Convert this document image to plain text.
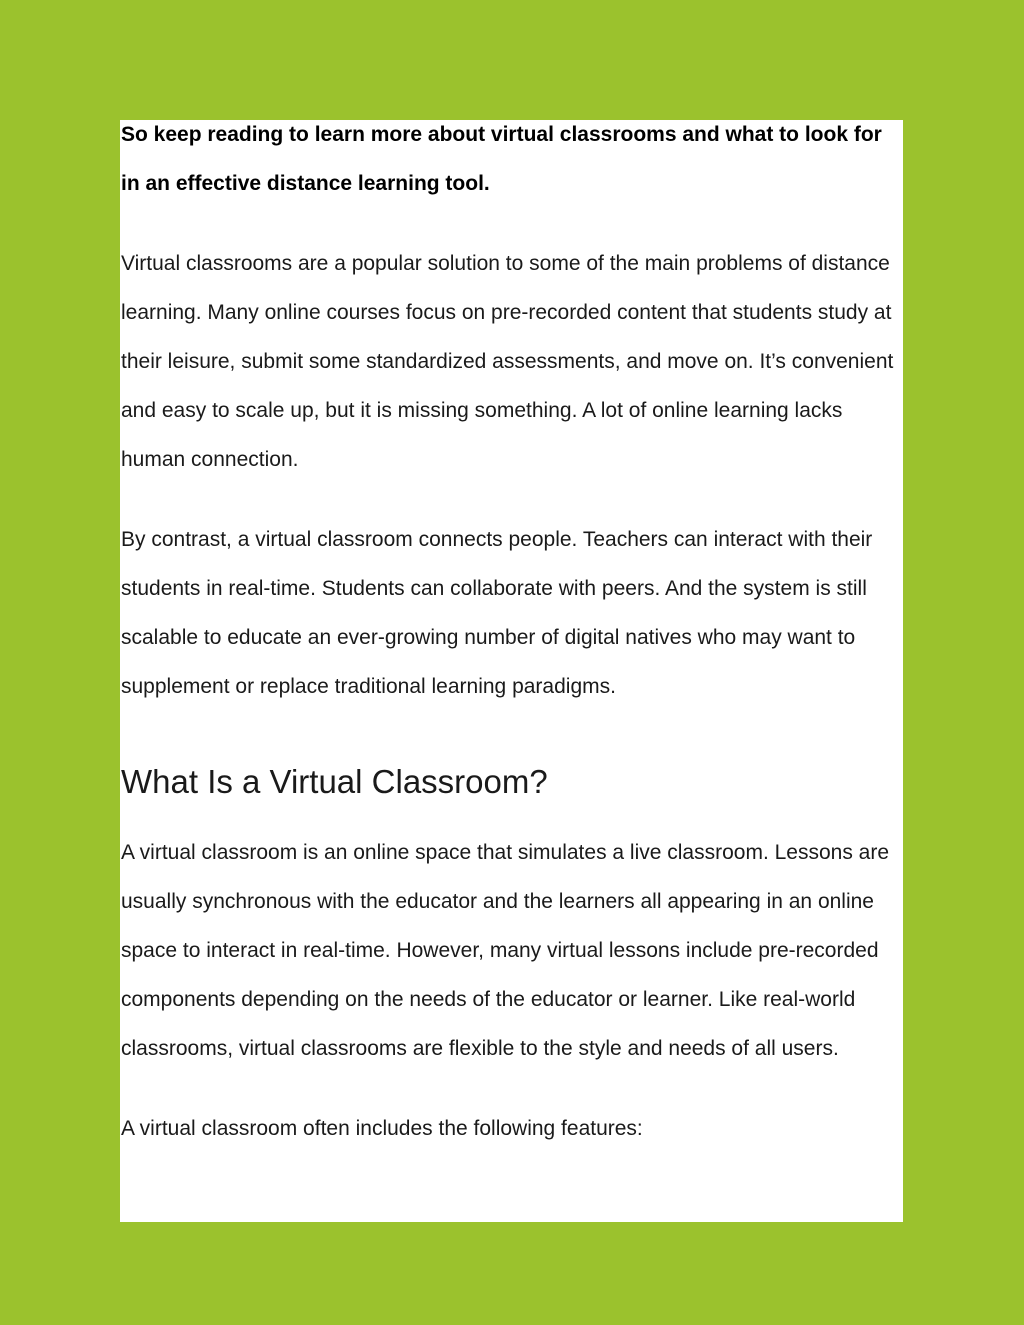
So keep reading to learn more about virtual classrooms and what to look for in an effective distance learning tool.

Virtual classrooms are a popular solution to some of the main problems of distance learning. Many online courses focus on pre-recorded content that students study at their leisure, submit some standardized assessments, and move on. It’s convenient and easy to scale up, but it is missing something. A lot of online learning lacks human connection.

By contrast, a virtual classroom connects people. Teachers can interact with their students in real-time. Students can collaborate with peers. And the system is still scalable to educate an ever-growing number of digital natives who may want to supplement or replace traditional learning paradigms.

What Is a Virtual Classroom?

A virtual classroom is an online space that simulates a live classroom. Lessons are usually synchronous with the educator and the learners all appearing in an online space to interact in real-time. However, many virtual lessons include pre-recorded components depending on the needs of the educator or learner. Like real-world classrooms, virtual classrooms are flexible to the style and needs of all users.

A virtual classroom often includes the following features:
